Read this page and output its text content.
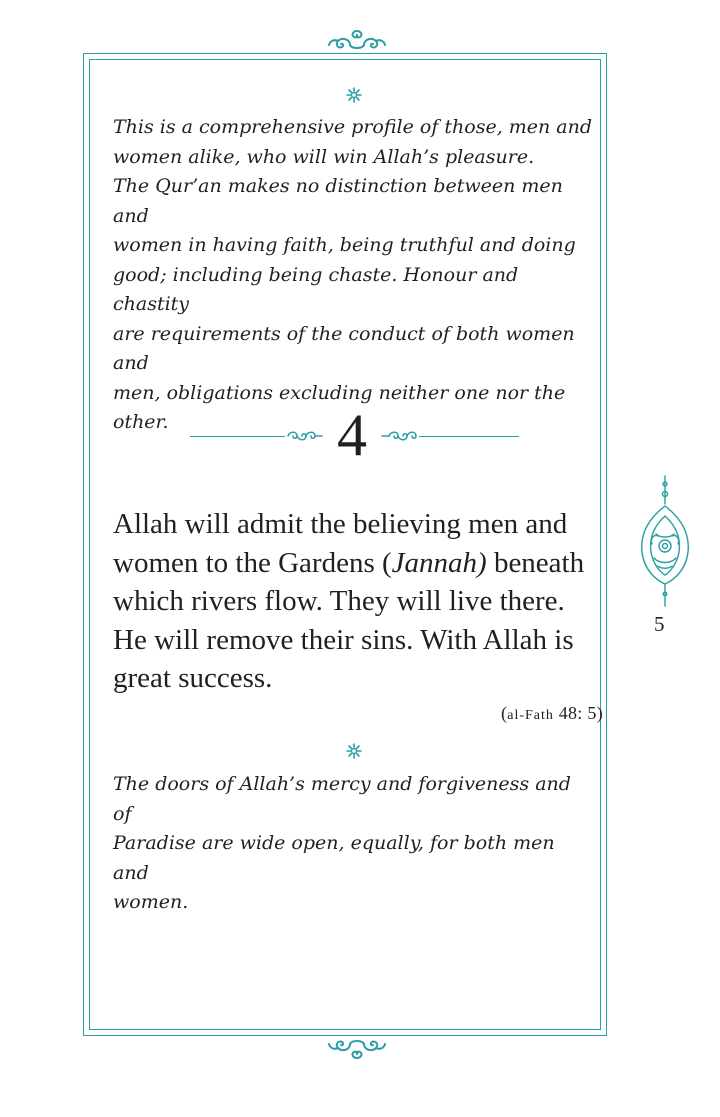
This is a comprehensive profile of those, men and
women alike, who will win Allah’s pleasure.
The Qur’an makes no distinction between men and
women in having faith, being truthful and doing
good; including being chaste. Honour and chastity
are requirements of the conduct of both women and
men, obligations excluding neither one nor the other.	4

Allah will admit the believing men and women to the Gardens (Jannah) beneath which rivers flow. They will live there. He will remove their sins. With Allah is great success.

(al-Fath 48: 5)
The doors of Allah’s mercy and forgiveness and of
Paradise are wide open, equally, for both men and
women.
5
